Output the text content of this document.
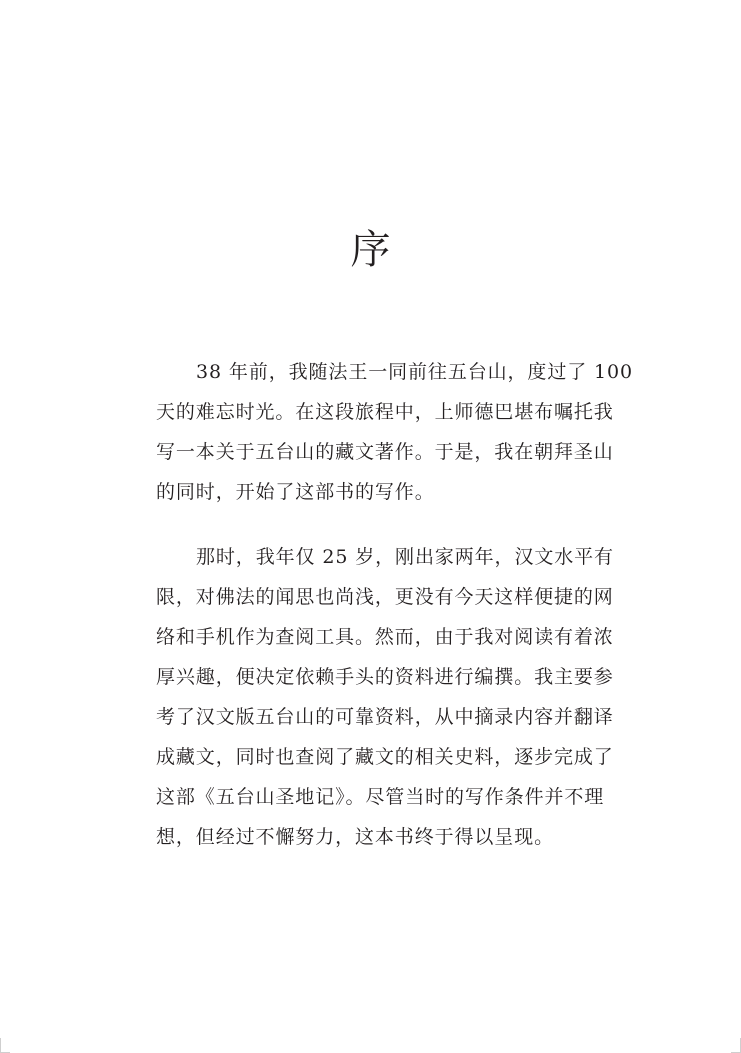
序

38 年前，我随法王一同前往五台山，度过了 100
天的难忘时光。在这段旅程中，上师德巴堪布嘱托我
写一本关于五台山的藏文著作。于是，我在朝拜圣山
的同时，开始了这部书的写作。

那时，我年仅 25 岁，刚出家两年，汉文水平有
限，对佛法的闻思也尚浅，更没有今天这样便捷的网
络和手机作为查阅工具。然而，由于我对阅读有着浓
厚兴趣，便决定依赖手头的资料进行编撰。我主要参
考了汉文版五台山的可靠资料，从中摘录内容并翻译
成藏文，同时也查阅了藏文的相关史料，逐步完成了
这部《五台山圣地记》。尽管当时的写作条件并不理
想，但经过不懈努力，这本书终于得以呈现。
